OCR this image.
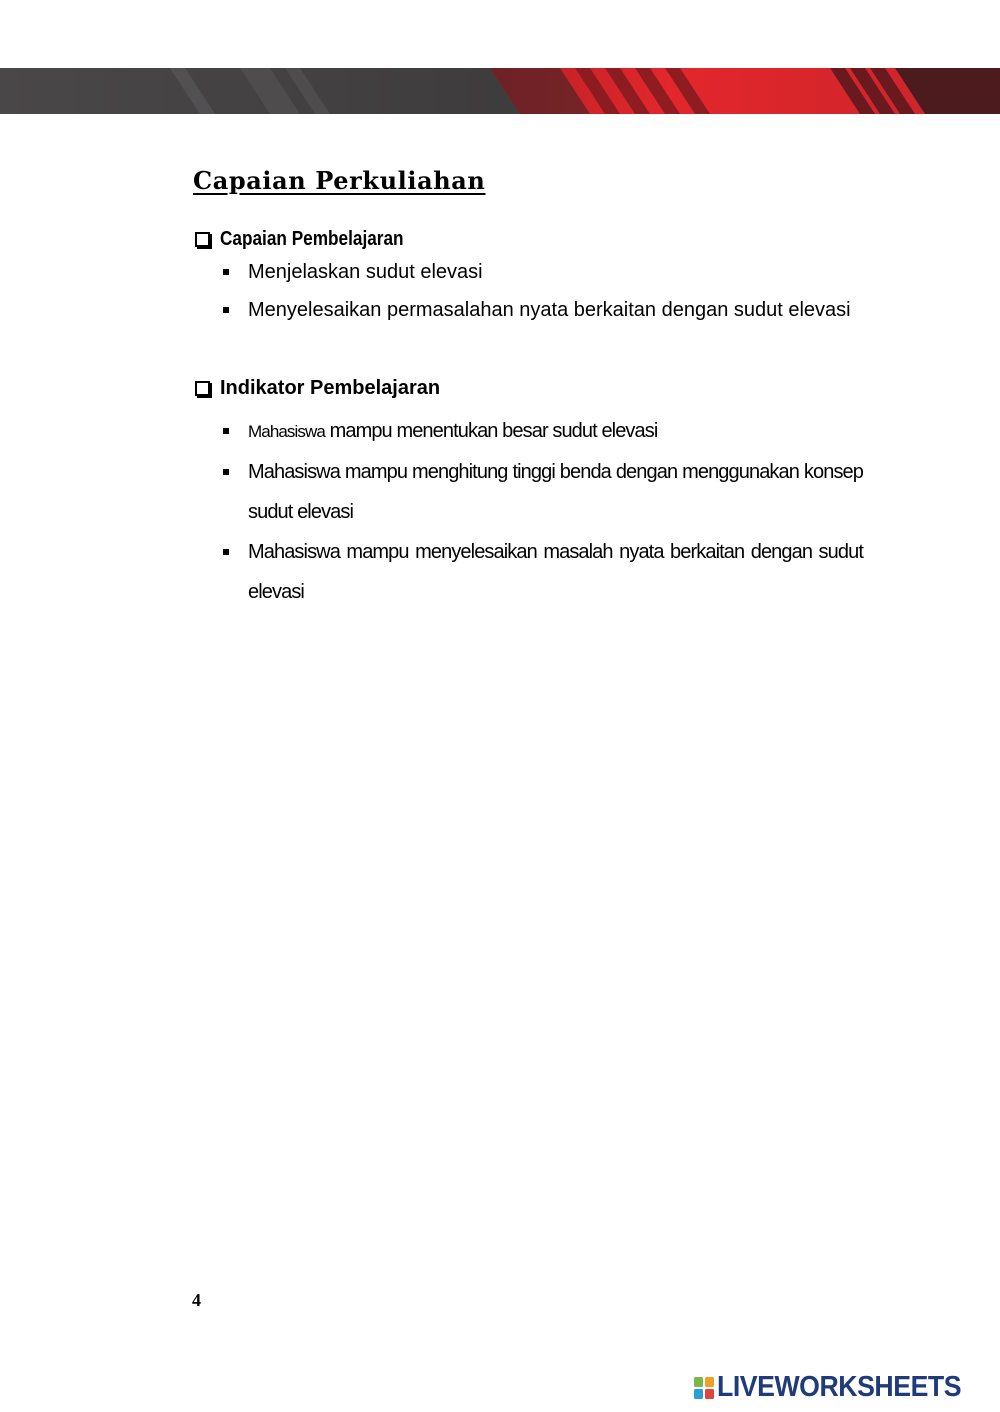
Capaian Perkuliahan
Capaian Pembelajaran
Menjelaskan sudut elevasi
Menyelesaikan permasalahan nyata berkaitan dengan sudut elevasi
Indikator Pembelajaran
Mahasiswa mampu menentukan besar sudut elevasi
Mahasiswa mampu menghitung tinggi benda dengan menggunakan konsep sudut elevasi
Mahasiswa mampu menyelesaikan masalah nyata berkaitan dengan sudut elevasi
4
LIVEWORKSHEETS
